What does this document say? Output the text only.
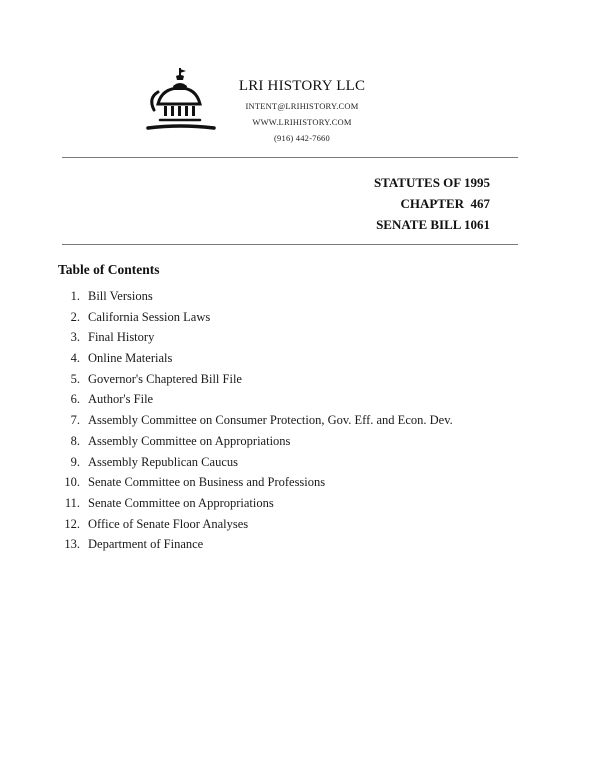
LRI HISTORY LLC
INTENT@LRIHISTORY.COM
WWW.LRIHISTORY.COM
(916) 442-7660
STATUTES OF 1995
CHAPTER  467
SENATE BILL 1061
Table of Contents
1. Bill Versions
2. California Session Laws
3. Final History
4. Online Materials
5. Governor's Chaptered Bill File
6. Author's File
7. Assembly Committee on Consumer Protection, Gov. Eff. and Econ. Dev.
8. Assembly Committee on Appropriations
9. Assembly Republican Caucus
10. Senate Committee on Business and Professions
11. Senate Committee on Appropriations
12. Office of Senate Floor Analyses
13. Department of Finance
